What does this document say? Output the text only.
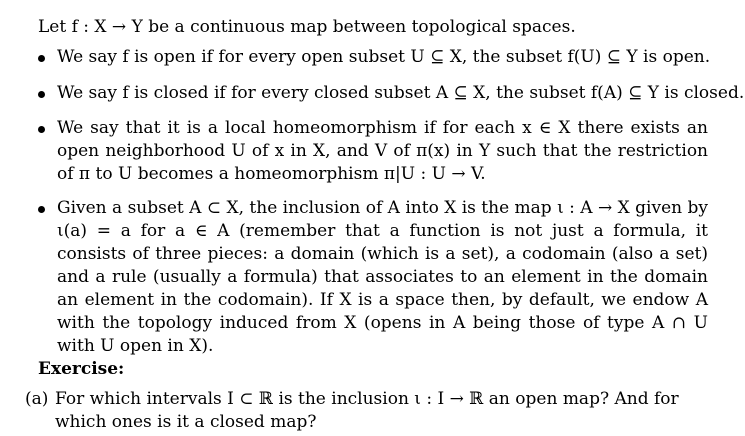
Let f : X → Y be a continuous map between topological spaces.
We say f is open if for every open subset U ⊆ X, the subset f(U) ⊆ Y is open.
We say f is closed if for every closed subset A ⊆ X, the subset f(A) ⊆ Y is closed.
We say that it is a local homeomorphism if for each x ∈ X there exists an open neighborhood U of x in X, and V of π(x) in Y such that the restriction of π to U becomes a homeomorphism π|U : U → V.
Given a subset A ⊂ X, the inclusion of A into X is the map ι : A → X given by ι(a) = a for a ∈ A (remember that a function is not just a formula, it consists of three pieces: a domain (which is a set), a codomain (also a set) and a rule (usually a formula) that associates to an element in the domain an element in the codomain). If X is a space then, by default, we endow A with the topology induced from X (opens in A being those of type A ∩ U with U open in X).
Exercise:
(a) For which intervals I ⊂ ℝ is the inclusion ι : I → ℝ an open map? And for which ones is it a closed map?
